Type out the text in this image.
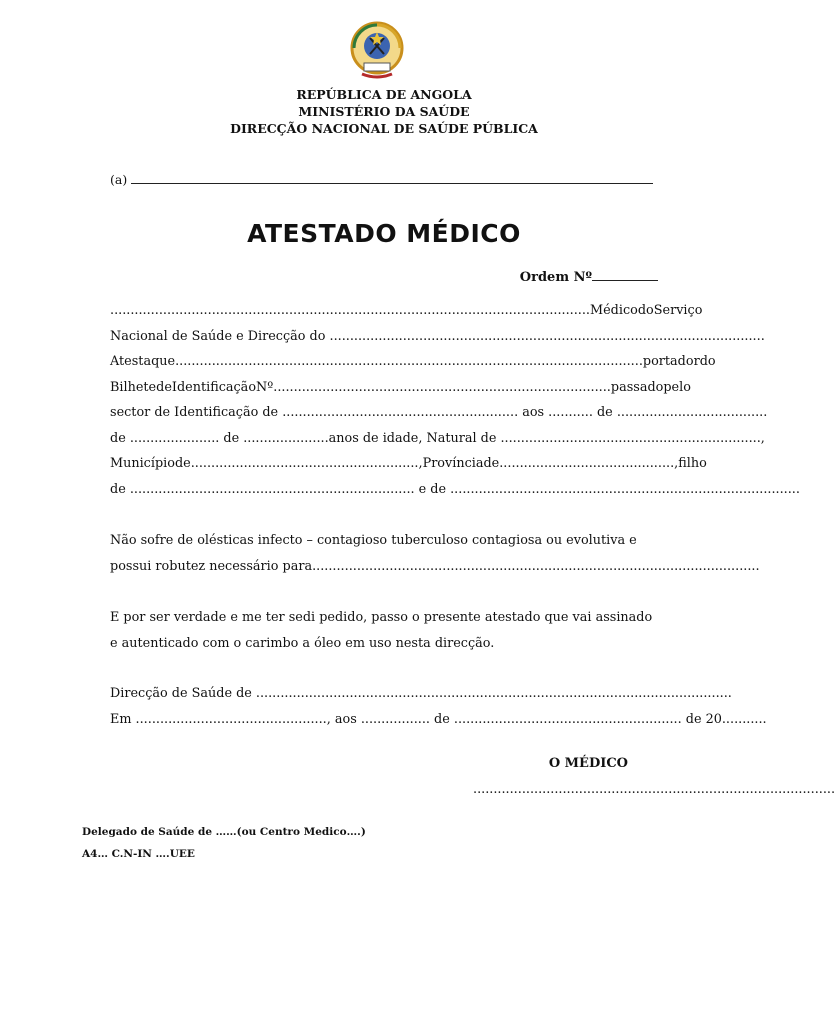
REPÚBLICA DE ANGOLA
MINISTÉRIO DA SAÚDE
DIRECÇÃO NACIONAL DE SAÚDE PÚBLICA
(a)
ATESTADO MÉDICO
Ordem Nº
...................................................................................................................... Médico do Serviço
Nacional de Saúde e Direcção do ...........................................................................................................
Atesta que ................................................................................................................... portador do
Bilhete de Identificação Nº ................................................................................... passado pelo
sector de Identificação de .......................................................... aos ........... de .....................................
de ...................... de .....................anos de idade, Natural de ................................................................,
Município de ........................................................, Província de ..........................................., filho
de ...................................................................... e de ......................................................................................
Não sofre de olésticas infecto – contagioso tuberculoso contagiosa ou evolutiva e
possui robutez necessário para..............................................................................................................
E por ser verdade e me ter sedi pedido, passo o presente atestado que vai assinado
e autenticado com o carimbo a óleo em uso nesta direcção.
Direcção de Saúde de .....................................................................................................................
Em ..............................................., aos ................. de ........................................................ de 20...........
O MÉDICO
.........................................................................................
Delegado de Saúde de ……(ou Centro Medico….)
A4… C.N-IN ….UEE
